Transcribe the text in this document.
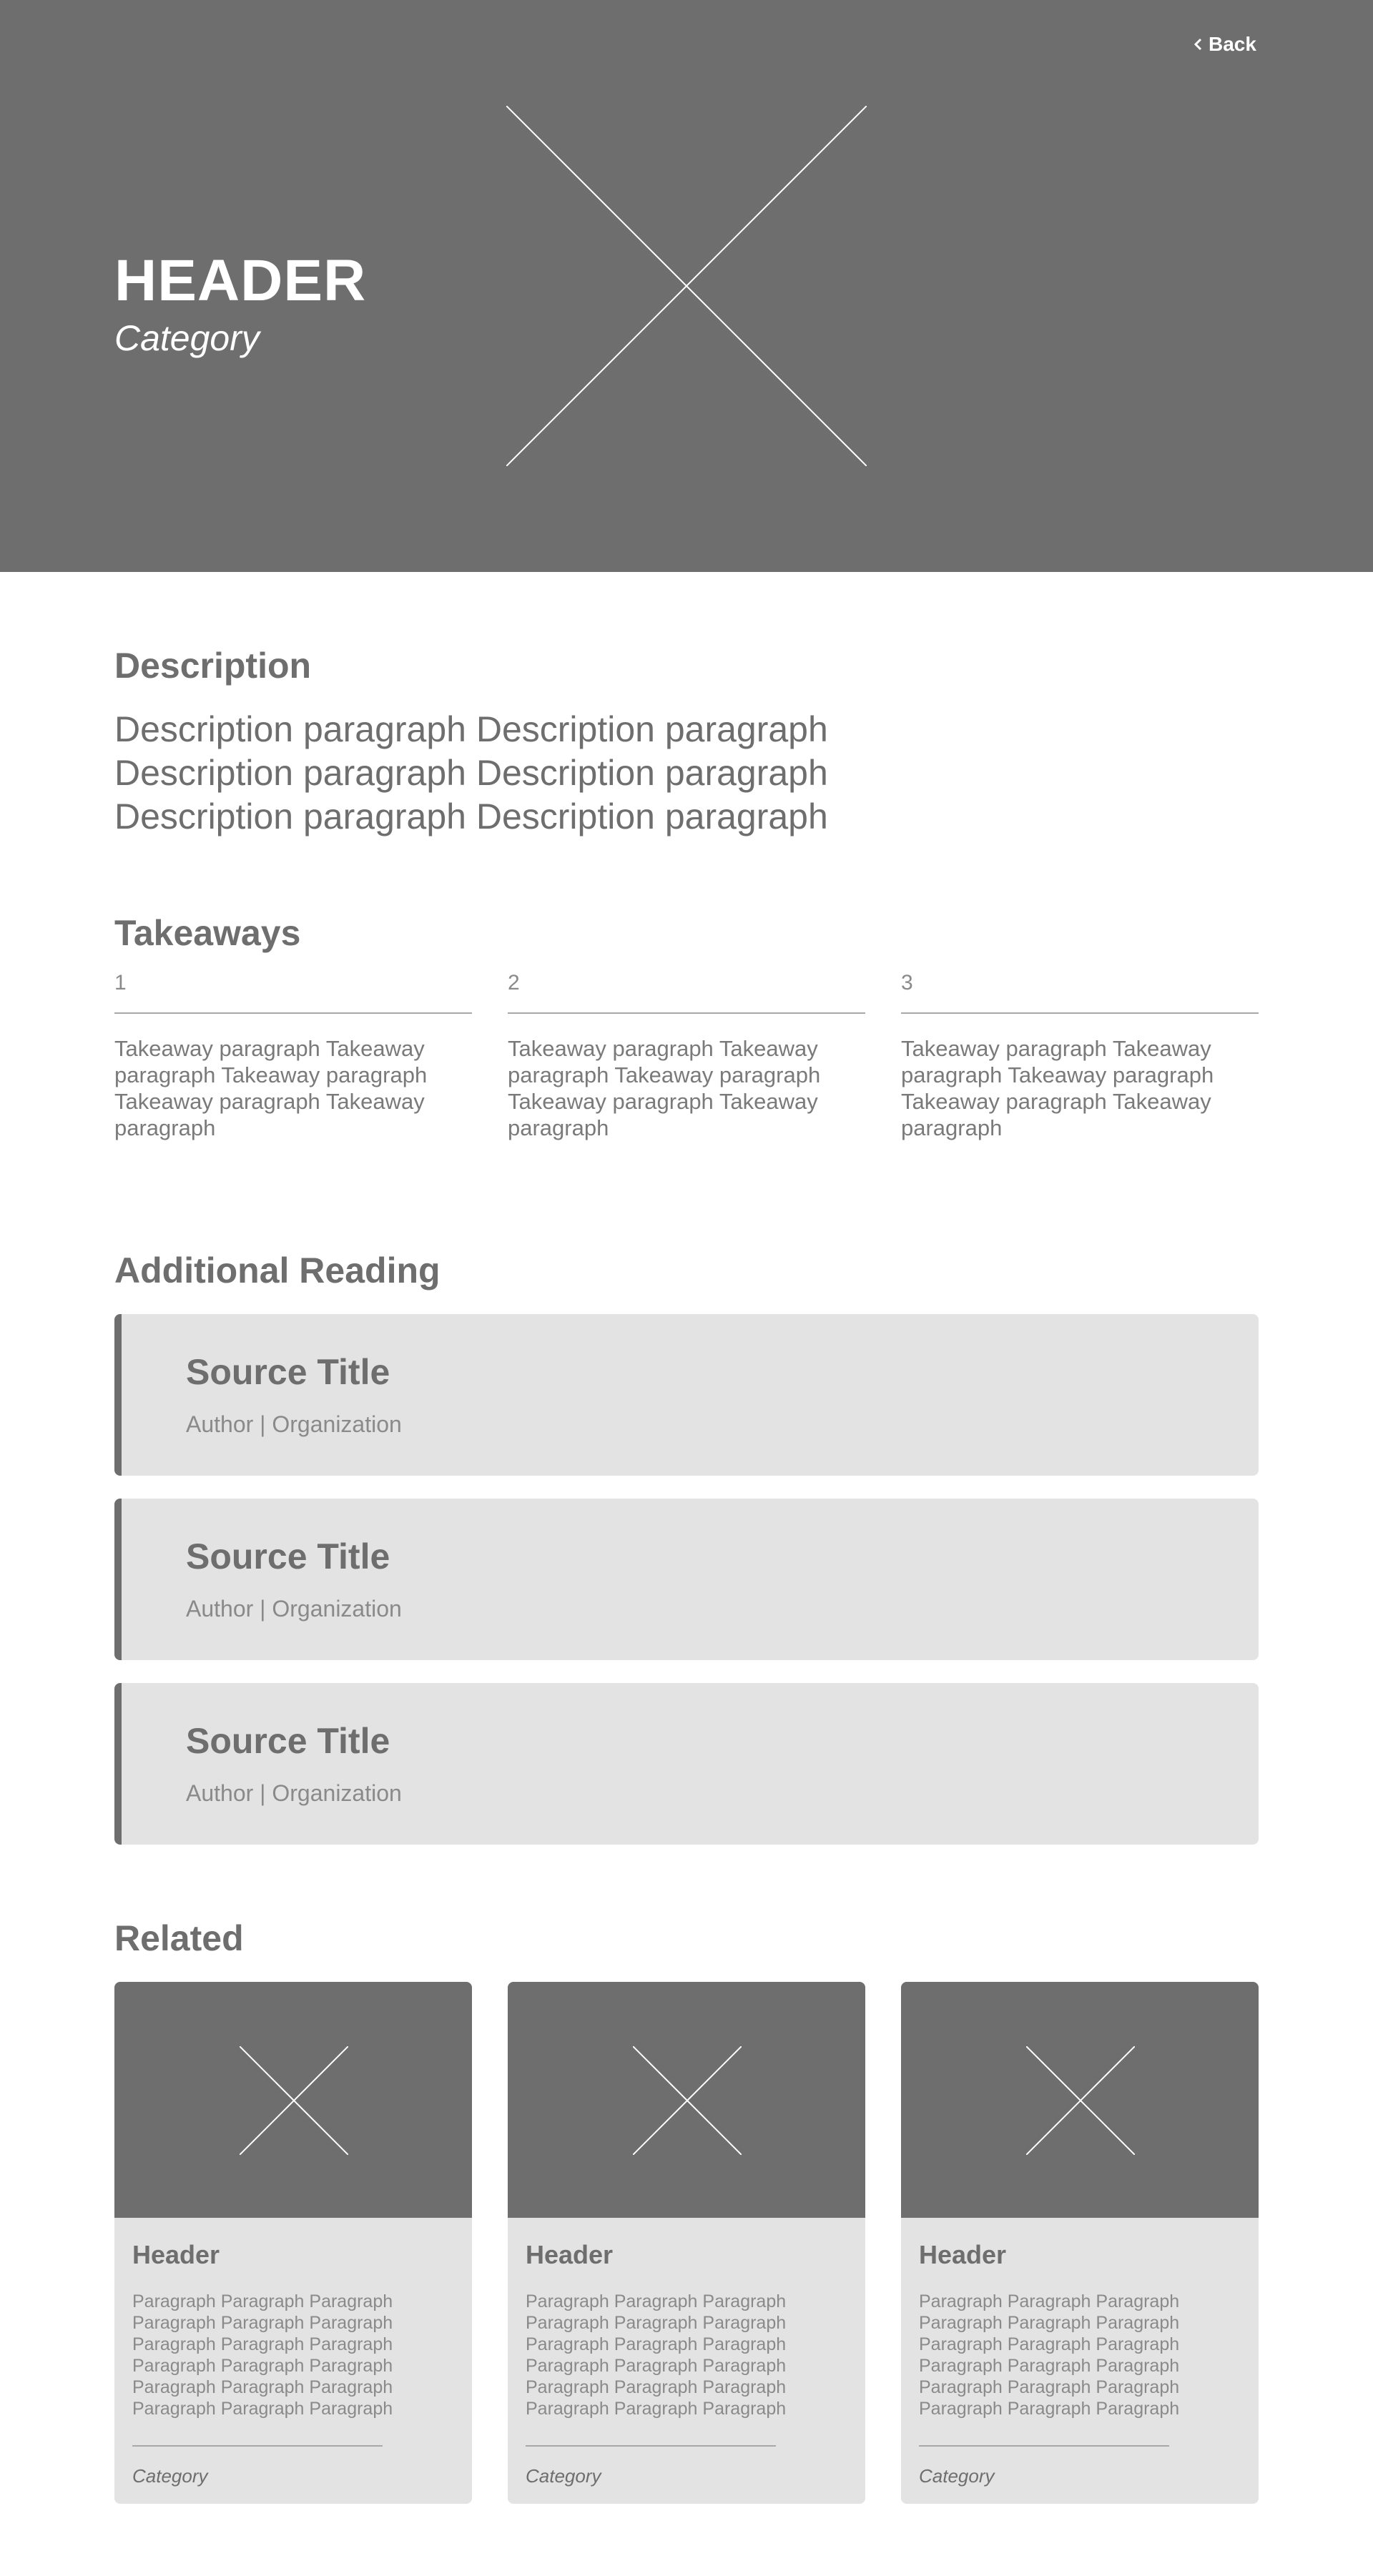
HEADER
Category
Back
Description
Description paragraph Description paragraph Description paragraph Description paragraph Description paragraph Description paragraph
Takeaways
1
Takeaway paragraph Takeaway paragraph Takeaway paragraph Takeaway paragraph Takeaway paragraph
2
Takeaway paragraph Takeaway paragraph Takeaway paragraph Takeaway paragraph Takeaway paragraph
3
Takeaway paragraph Takeaway paragraph Takeaway paragraph Takeaway paragraph Takeaway paragraph
Additional Reading
Source Title
Author | Organization
Source Title
Author | Organization
Source Title
Author | Organization
Related
Header
Paragraph Paragraph Paragraph Paragraph Paragraph Paragraph Paragraph Paragraph Paragraph Paragraph Paragraph Paragraph Paragraph Paragraph Paragraph Paragraph Paragraph Paragraph
Category
Header
Paragraph Paragraph Paragraph Paragraph Paragraph Paragraph Paragraph Paragraph Paragraph Paragraph Paragraph Paragraph Paragraph Paragraph Paragraph Paragraph Paragraph Paragraph
Category
Header
Paragraph Paragraph Paragraph Paragraph Paragraph Paragraph Paragraph Paragraph Paragraph Paragraph Paragraph Paragraph Paragraph Paragraph Paragraph Paragraph Paragraph Paragraph
Category
